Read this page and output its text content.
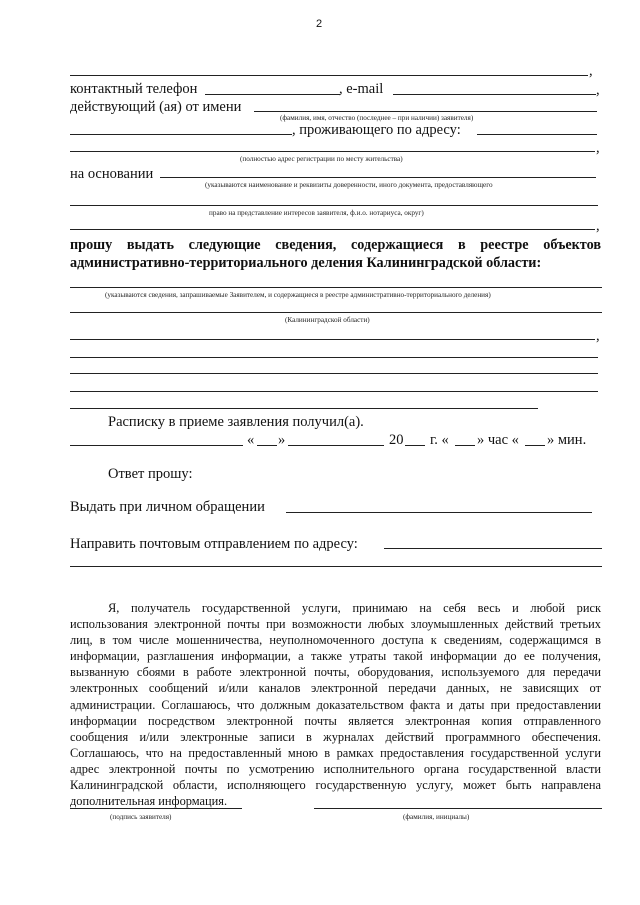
2
,
контактный телефон	, e-mail	,
действующий (ая) от имени
(фамилия, имя, отчество (последнее – при наличии) заявителя)
, проживающего по адресу:
,
(полностью адрес регистрации по месту жительства)
на основании
(указываются наименование и реквизиты доверенности, иного документа, предоставляющего
право на представление интересов заявителя, ф.и.о. нотариуса, округ)
,
прошу выдать следующие сведения, содержащиеся в реестре объектов
административно-территориального деления Калининградской области:
(указываются сведения, запрашиваемые Заявителем, и содержащиеся в реестре административно-территориального деления)
(Калининградской области)
,
Расписку в приеме заявления получил(а).
« »	20 г. « » час « » мин.
Ответ прошу:
Выдать при личном обращении
Направить почтовым отправлением по адресу:
Я, получатель государственной услуги, принимаю на себя весь и любой риск
использования электронной почты при возможности любых злоумышленных действий третьих
лиц, в том числе мошенничества, неуполномоченного доступа к сведениям, содержащимся в
информации, разглашения информации, а также утраты такой информации до ее получения,
вызванную сбоями в работе электронной почты, оборудования, используемого для передачи
электронных сообщений и/или каналов электронной передачи данных, не зависящих от
администрации. Соглашаюсь, что должным доказательством факта и даты при предоставлении
информации посредством электронной почты является электронная копия отправленного
сообщения и/или электронные записи в журналах действий программного обеспечения.
Соглашаюсь, что на предоставленный мною в рамках предоставления государственной услуги
адрес электронной почты по усмотрению исполнительного органа государственной власти
Калининградской области, исполняющего государственную услугу, может быть направлена
дополнительная информация.
(подпись заявителя)	(фамилия, инициалы)
